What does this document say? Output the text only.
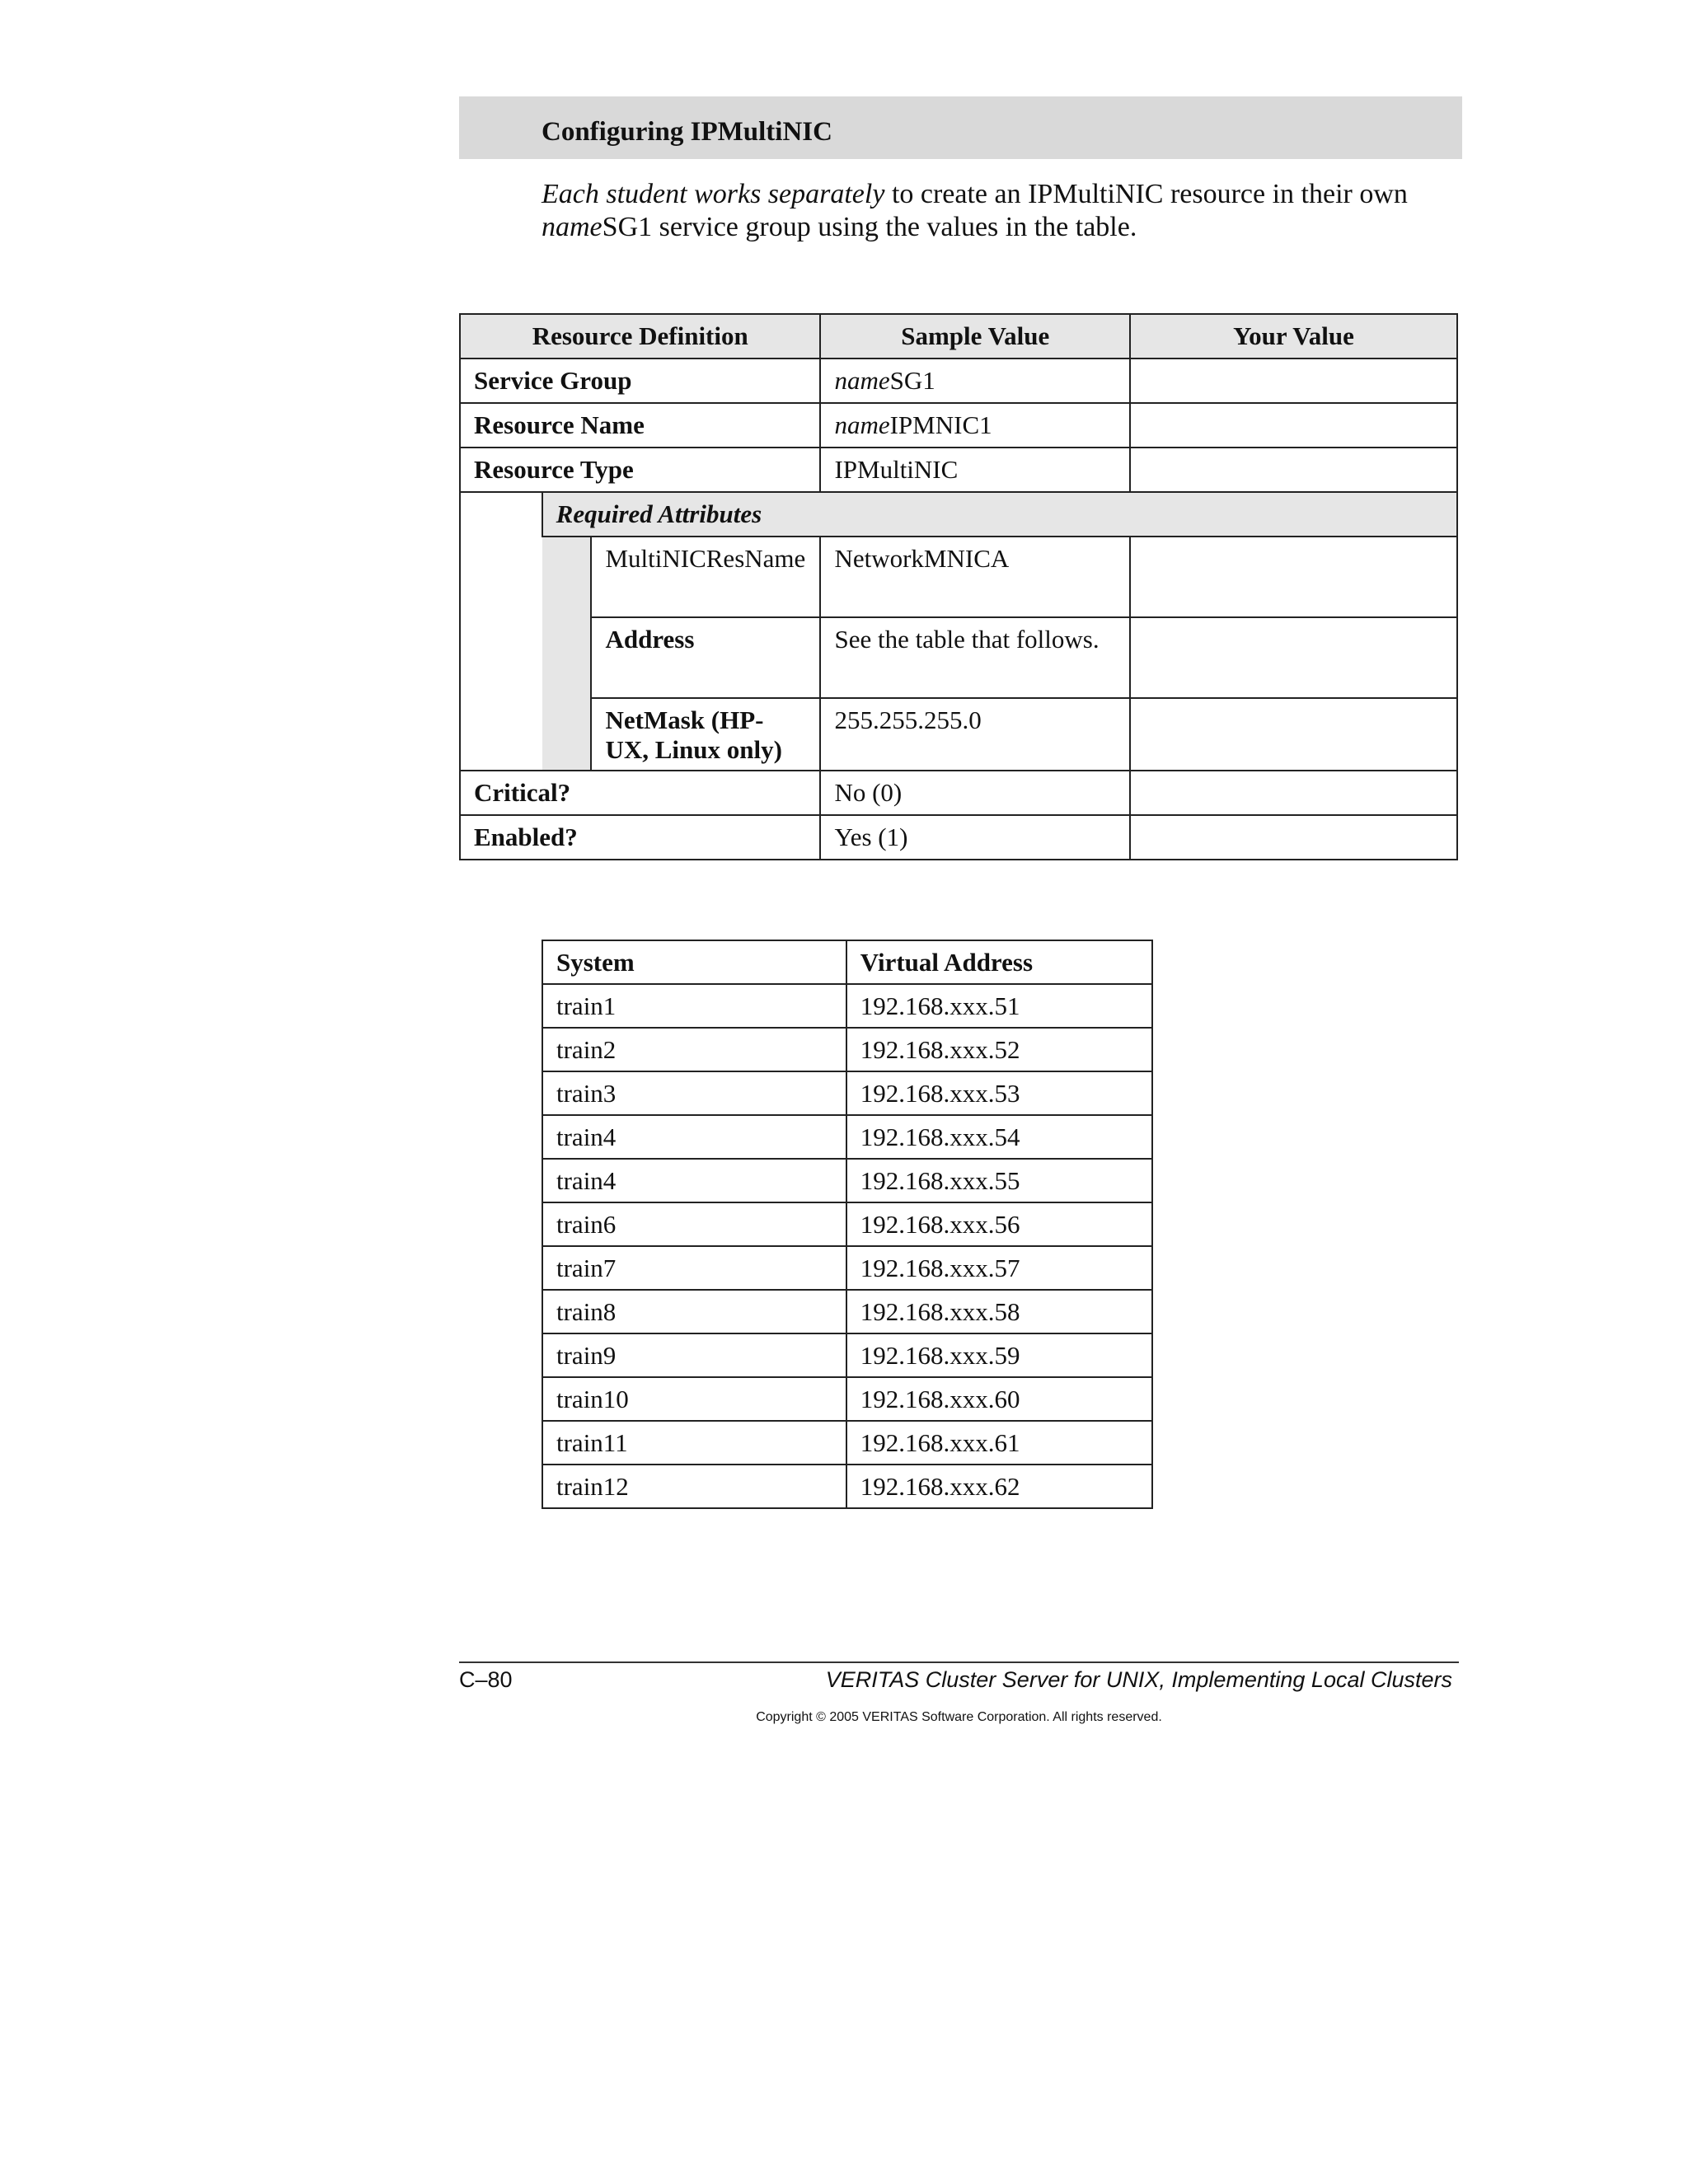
Configuring IPMultiNIC
Each student works separately to create an IPMultiNIC resource in their own
nameSG1 service group using the values in the table.
Resource Definition			Sample Value	Your Value

Service Group			nameSG1	

Resource Name			nameIPMNIC1	

Resource Type			IPMultiNIC	

	Required Attributes			

		MultiNICResName	NetworkMNICA	

		Address	See the table that follows.	

		NetMask (HP-
UX, Linux only)	255.255.255.0	

Critical?			No (0)	

Enabled?			Yes (1)	

System	Virtual Address

train1	192.168.xxx.51

train2	192.168.xxx.52

train3	192.168.xxx.53

train4	192.168.xxx.54

train4	192.168.xxx.55

train6	192.168.xxx.56

train7	192.168.xxx.57

train8	192.168.xxx.58

train9	192.168.xxx.59

train10	192.168.xxx.60

train11	192.168.xxx.61

train12	192.168.xxx.62
C–80	VERITAS Cluster Server for UNIX, Implementing Local Clusters
Copyright © 2005 VERITAS Software Corporation. All rights reserved.
